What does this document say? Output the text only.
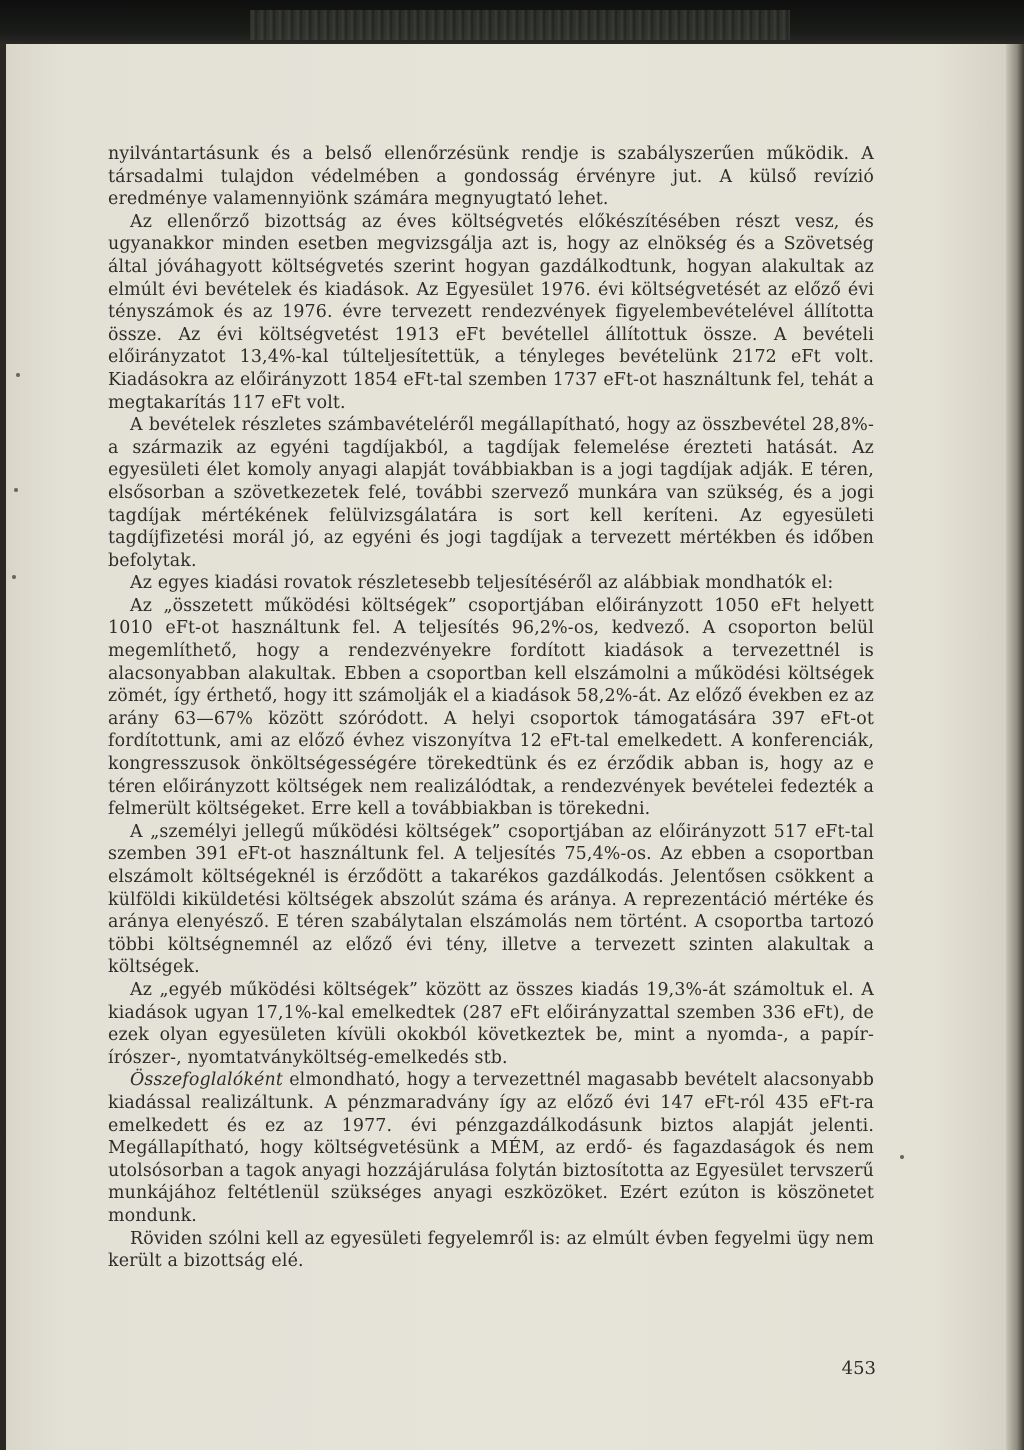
nyilvántartásunk és a belső ellenőrzésünk rendje is szabályszerűen működik. A társadalmi tulajdon védelmében a gondosság érvényre jut. A külső revízió eredménye valamennyiönk számára megnyugtató lehet.

Az ellenőrző bizottság az éves költségvetés előkészítésében részt vesz, és ugyanakkor minden esetben megvizsgálja azt is, hogy az elnökség és a Szövetség által jóváhagyott költségvetés szerint hogyan gazdálkodtunk, hogyan alakultak az elmúlt évi bevételek és kiadások. Az Egyesület 1976. évi költségvetését az előző évi tényszámok és az 1976. évre tervezett rendezvények figyelembevételével állította össze. Az évi költségvetést 1913 eFt bevétellel állítottuk össze. A bevételi előirányzatot 13,4%-kal túlteljesítettük, a tényleges bevételünk 2172 eFt volt. Kiadásokra az előirányzott 1854 eFt-tal szemben 1737 eFt-ot használtunk fel, tehát a megtakarítás 117 eFt volt.

A bevételek részletes számbavételéről megállapítható, hogy az összbevétel 28,8%-a származik az egyéni tagdíjakból, a tagdíjak felemelése érezteti hatását. Az egyesületi élet komoly anyagi alapját továbbiakban is a jogi tagdíjak adják. E téren, elsősorban a szövetkezetek felé, további szervező munkára van szükség, és a jogi tagdíjak mértékének felülvizsgálatára is sort kell keríteni. Az egyesületi tagdíjfizetési morál jó, az egyéni és jogi tagdíjak a tervezett mértékben és időben befolytak.

Az egyes kiadási rovatok részletesebb teljesítéséről az alábbiak mondhatók el:

Az „összetett működési költségek” csoportjában előirányzott 1050 eFt helyett 1010 eFt-ot használtunk fel. A teljesítés 96,2%-os, kedvező. A csoporton belül megemlíthető, hogy a rendezvényekre fordított kiadások a tervezettnél is alacsonyabban alakultak. Ebben a csoportban kell elszámolni a működési költségek zömét, így érthető, hogy itt számolják el a kiadások 58,2%-át. Az előző években ez az arány 63—67% között szóródott. A helyi csoportok támogatására 397 eFt-ot fordítottunk, ami az előző évhez viszonyítva 12 eFt-tal emelkedett. A konferenciák, kongresszusok önköltségességére törekedtünk és ez érződik abban is, hogy az e téren előirányzott költségek nem realizálódtak, a rendezvények bevételei fedezték a felmerült költségeket. Erre kell a továbbiakban is törekedni.

A „személyi jellegű működési költségek” csoportjában az előirányzott 517 eFt-tal szemben 391 eFt-ot használtunk fel. A teljesítés 75,4%-os. Az ebben a csoportban elszámolt költségeknél is érződött a takarékos gazdálkodás. Jelentősen csökkent a külföldi kiküldetési költségek abszolút száma és aránya. A reprezentáció mértéke és aránya elenyésző. E téren szabálytalan elszámolás nem történt. A csoportba tartozó többi költségnemnél az előző évi tény, illetve a tervezett szinten alakultak a költségek.

Az „egyéb működési költségek” között az összes kiadás 19,3%-át számoltuk el. A kiadások ugyan 17,1%-kal emelkedtek (287 eFt előirányzattal szemben 336 eFt), de ezek olyan egyesületen kívüli okokból következtek be, mint a nyomda-, a papír-írószer-, nyomtatványköltség-emelkedés stb.

Összefoglalóként elmondható, hogy a tervezettnél magasabb bevételt alacsonyabb kiadással realizáltunk. A pénzmaradvány így az előző évi 147 eFt-ról 435 eFt-ra emelkedett és ez az 1977. évi pénzgazdálkodásunk biztos alapját jelenti. Megállapítható, hogy költségvetésünk a MÉM, az erdő- és fagazdaságok és nem utolsósorban a tagok anyagi hozzájárulása folytán biztosította az Egyesület tervszerű munkájához feltétlenül szükséges anyagi eszközöket. Ezért ezúton is köszönetet mondunk.

Röviden szólni kell az egyesületi fegyelemről is: az elmúlt évben fegyelmi ügy nem került a bizottság elé.

453
